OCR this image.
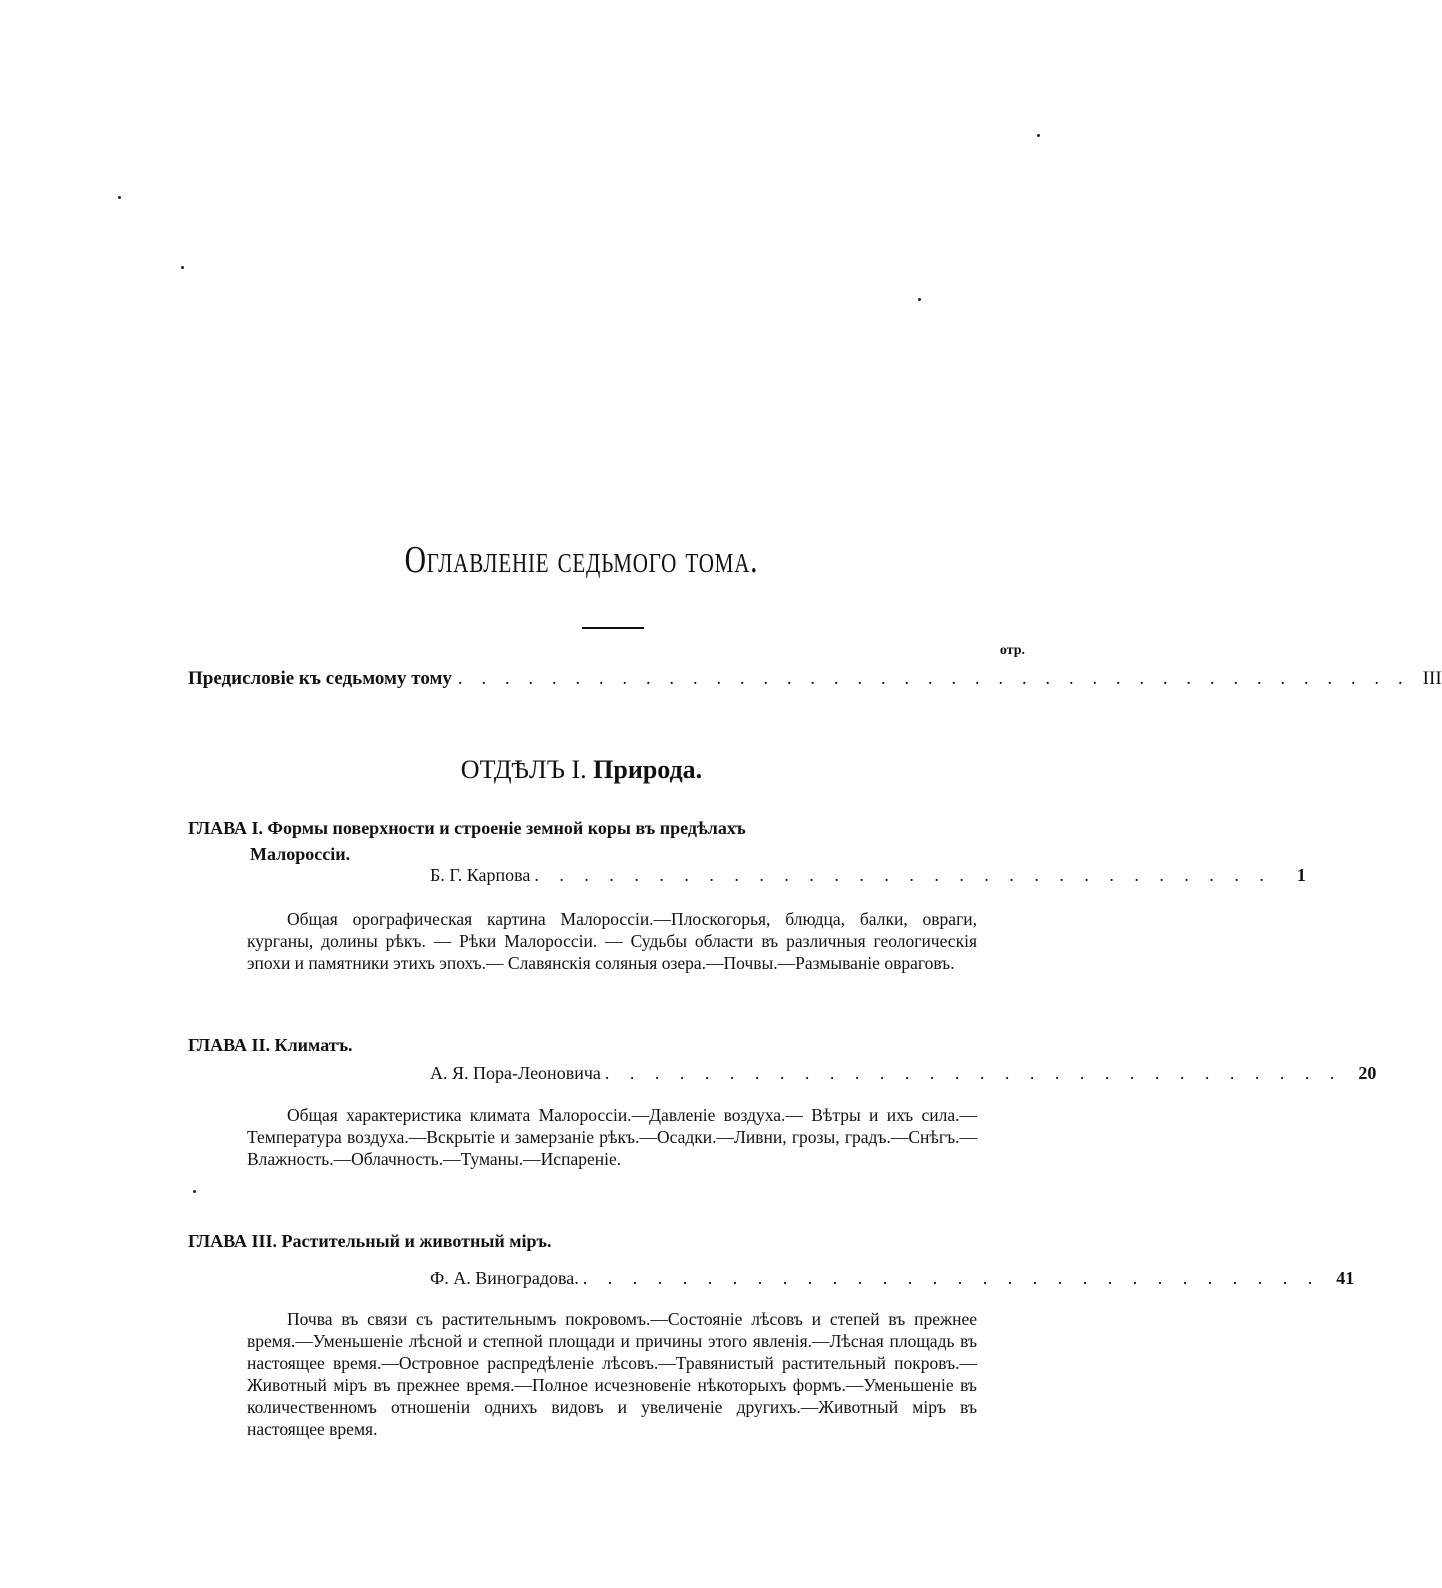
Оглавленіе седьмого тома.
отр.
Предисловіе къ седьмому тому . . . . . . . . . . . . . . . . . . . . . . . . . . . . . . . . . . . . . . . . . III
ОТДѢЛЪ I. Природа.
ГЛАВА I. Формы поверхности и строеніе земной коры въ предѣлахъ
Малороссіи.
Б. Г. Карпова . . . . . . . . . . . . . . . . . . . . . . . . . . . . . .	1
Общая орографическая картина Малороссіи.—Плоскогорья, блюдца, балки, овраги, курганы, долины рѣкъ. — Рѣки Малороссіи. — Судьбы области въ различныя геологическія эпохи и памятники этихъ эпохъ.— Славянскія соляныя озера.—Почвы.—Размываніе овраговъ.
ГЛАВА II. Климатъ.
А. Я. Пора-Леоновича . . . . . . . . . . . . . . . . . . . . . . . . . . . . . . 20
Общая характеристика климата Малороссіи.—Давленіе воздуха.— Вѣтры и ихъ сила.—Температура воздуха.—Вскрытіе и замерзаніе рѣкъ.—Осадки.—Ливни, грозы, градъ.—Снѣгъ.—Влажность.—Облачность.—Туманы.—Испареніе.
ГЛАВА III. Растительный и животный міръ.
Ф. А. Виноградова. . . . . . . . . . . . . . . . . . . . . . . . . . . . . . . 41
Почва въ связи съ растительнымъ покровомъ.—Состояніе лѣсовъ и степей въ прежнее время.—Уменьшеніе лѣсной и степной площади и причины этого явленія.—Лѣсная площадь въ настоящее время.—Островное распредѣленіе лѣсовъ.—Травянистый растительный покровъ.— Животный міръ въ прежнее время.—Полное исчезновеніе нѣкоторыхъ формъ.—Уменьшеніе въ количественномъ отношеніи однихъ видовъ и увеличеніе другихъ.—Животный міръ въ настоящее время.
